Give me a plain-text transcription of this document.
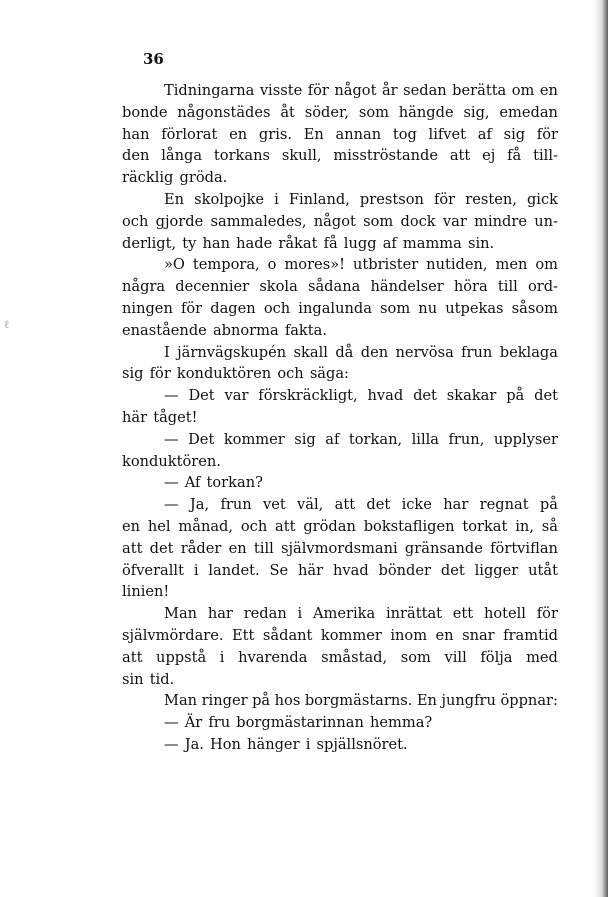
ℓ
36
Tidningarna visste för något år sedan berätta om en
bonde någonstädes åt söder, som hängde sig, emedan
han förlorat en gris. En annan tog lifvet af sig för
den långa torkans skull, misströstande att ej få till-
räcklig gröda.
En skolpojke i Finland, prestson för resten, gick
och gjorde sammaledes, något som dock var mindre un-
derligt, ty han hade råkat få lugg af mamma sin.
»O tempora, o mores»! utbrister nutiden, men om
några decennier skola sådana händelser höra till ord-
ningen för dagen och ingalunda som nu utpekas såsom
enastående abnorma fakta.
I järnvägskupén skall då den nervösa frun beklaga
sig för konduktören och säga:
— Det var förskräckligt, hvad det skakar på det
här tåget!
— Det kommer sig af torkan, lilla frun, upplyser
konduktören.
— Af torkan?
— Ja, frun vet väl, att det icke har regnat på
en hel månad, och att grödan bokstafligen torkat in, så
att det råder en till självmordsmani gränsande förtviflan
öfverallt i landet. Se här hvad bönder det ligger utåt
linien!
Man har redan i Amerika inrättat ett hotell för
självmördare. Ett sådant kommer inom en snar framtid
att uppstå i hvarenda småstad, som vill följa med
sin tid.
Man ringer på hos borgmästarns. En jungfru öppnar:
— Är fru borgmästarinnan hemma?
— Ja. Hon hänger i spjällsnöret.
